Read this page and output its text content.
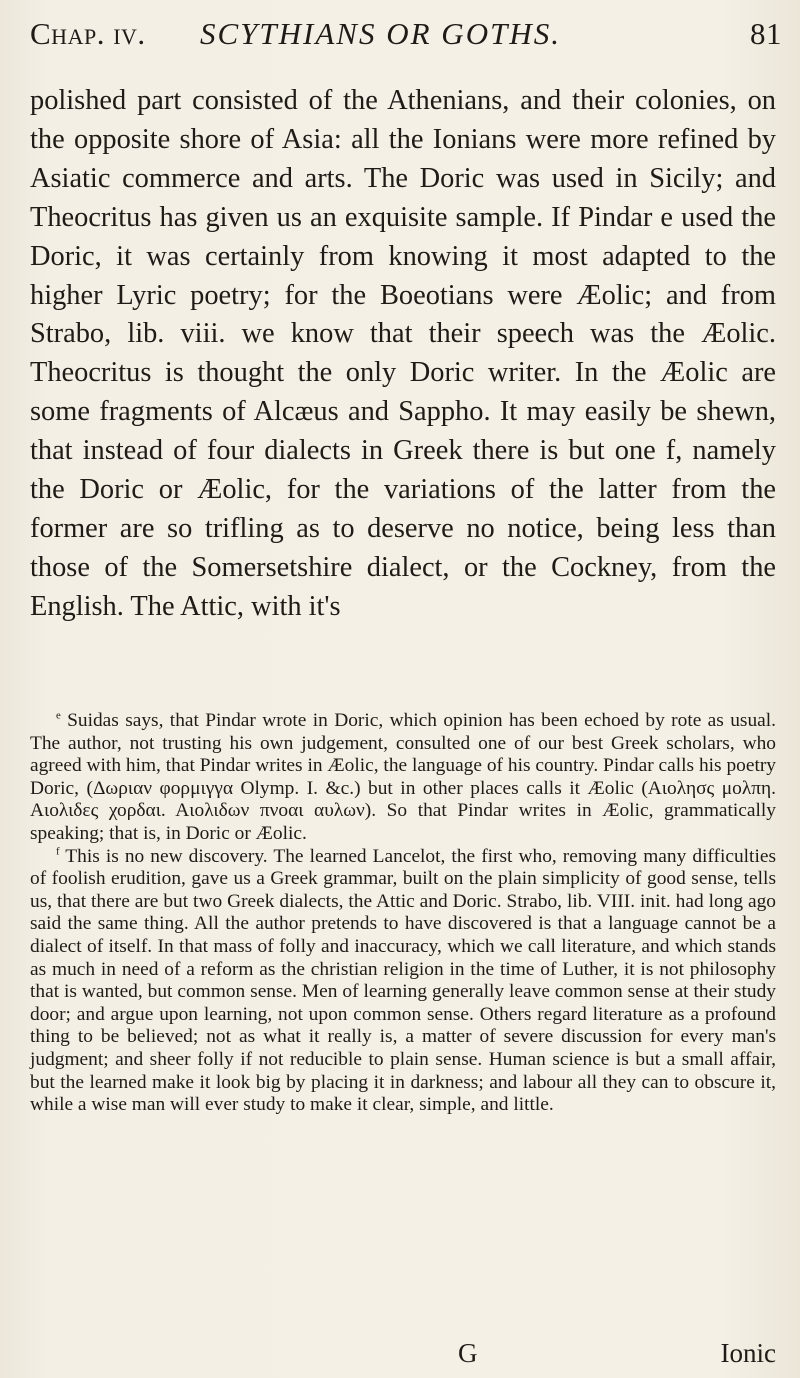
Chap. iv. SCYTHIANS OR GOTHS.	81

polished part consisted of the Athenians, and their colonies, on the opposite shore of Asia: all the Ionians were more refined by Asiatic commerce and arts. The Doric was used in Sicily; and Theocritus has given us an exquisite sample. If Pindar e used the Doric, it was certainly from knowing it most adapted to the higher Lyric poetry; for the Boeotians were Æolic; and from Strabo, lib. viii. we know that their speech was the Æolic. Theocritus is thought the only Doric writer. In the Æolic are some fragments of Alcæus and Sappho. It may easily be shewn, that instead of four dialects in Greek there is but one f, namely the Doric or Æolic, for the variations of the latter from the former are so trifling as to deserve no notice, being less than those of the Somersetshire dialect, or the Cockney, from the English. The Attic, with it's

$^e$ Suidas says, that Pindar wrote in Doric, which opinion has been echoed by rote as usual. The author, not trusting his own judgement, consulted one of our best Greek scholars, who agreed with him, that Pindar writes in Æolic, the language of his country. Pindar calls his poetry Doric, (Δωριαν φορμιγγα Olymp. I. &c.) but in other places calls it Æolic (Αιολησς μολπη. Αιολιδες χορδαι. Αιολιδων πνοαι αυλων). So that Pindar writes in Æolic, grammatically speaking; that is, in Doric or Æolic.

$^f$ This is no new discovery. The learned Lancelot, the first who, removing many difficulties of foolish erudition, gave us a Greek grammar, built on the plain simplicity of good sense, tells us, that there are but two Greek dialects, the Attic and Doric. Strabo, lib. VIII. init. had long ago said the same thing. All the author pretends to have discovered is that a language cannot be a dialect of itself. In that mass of folly and inaccuracy, which we call literature, and which stands as much in need of a reform as the christian religion in the time of Luther, it is not philosophy that is wanted, but common sense. Men of learning generally leave common sense at their study door; and argue upon learning, not upon common sense. Others regard literature as a profound thing to be believed; not as what it really is, a matter of severe discussion for every man's judgment; and sheer folly if not reducible to plain sense. Human science is but a small affair, but the learned make it look big by placing it in darkness; and labour all they can to obscure it, while a wise man will ever study to make it clear, simple, and little.

G	Ionic
